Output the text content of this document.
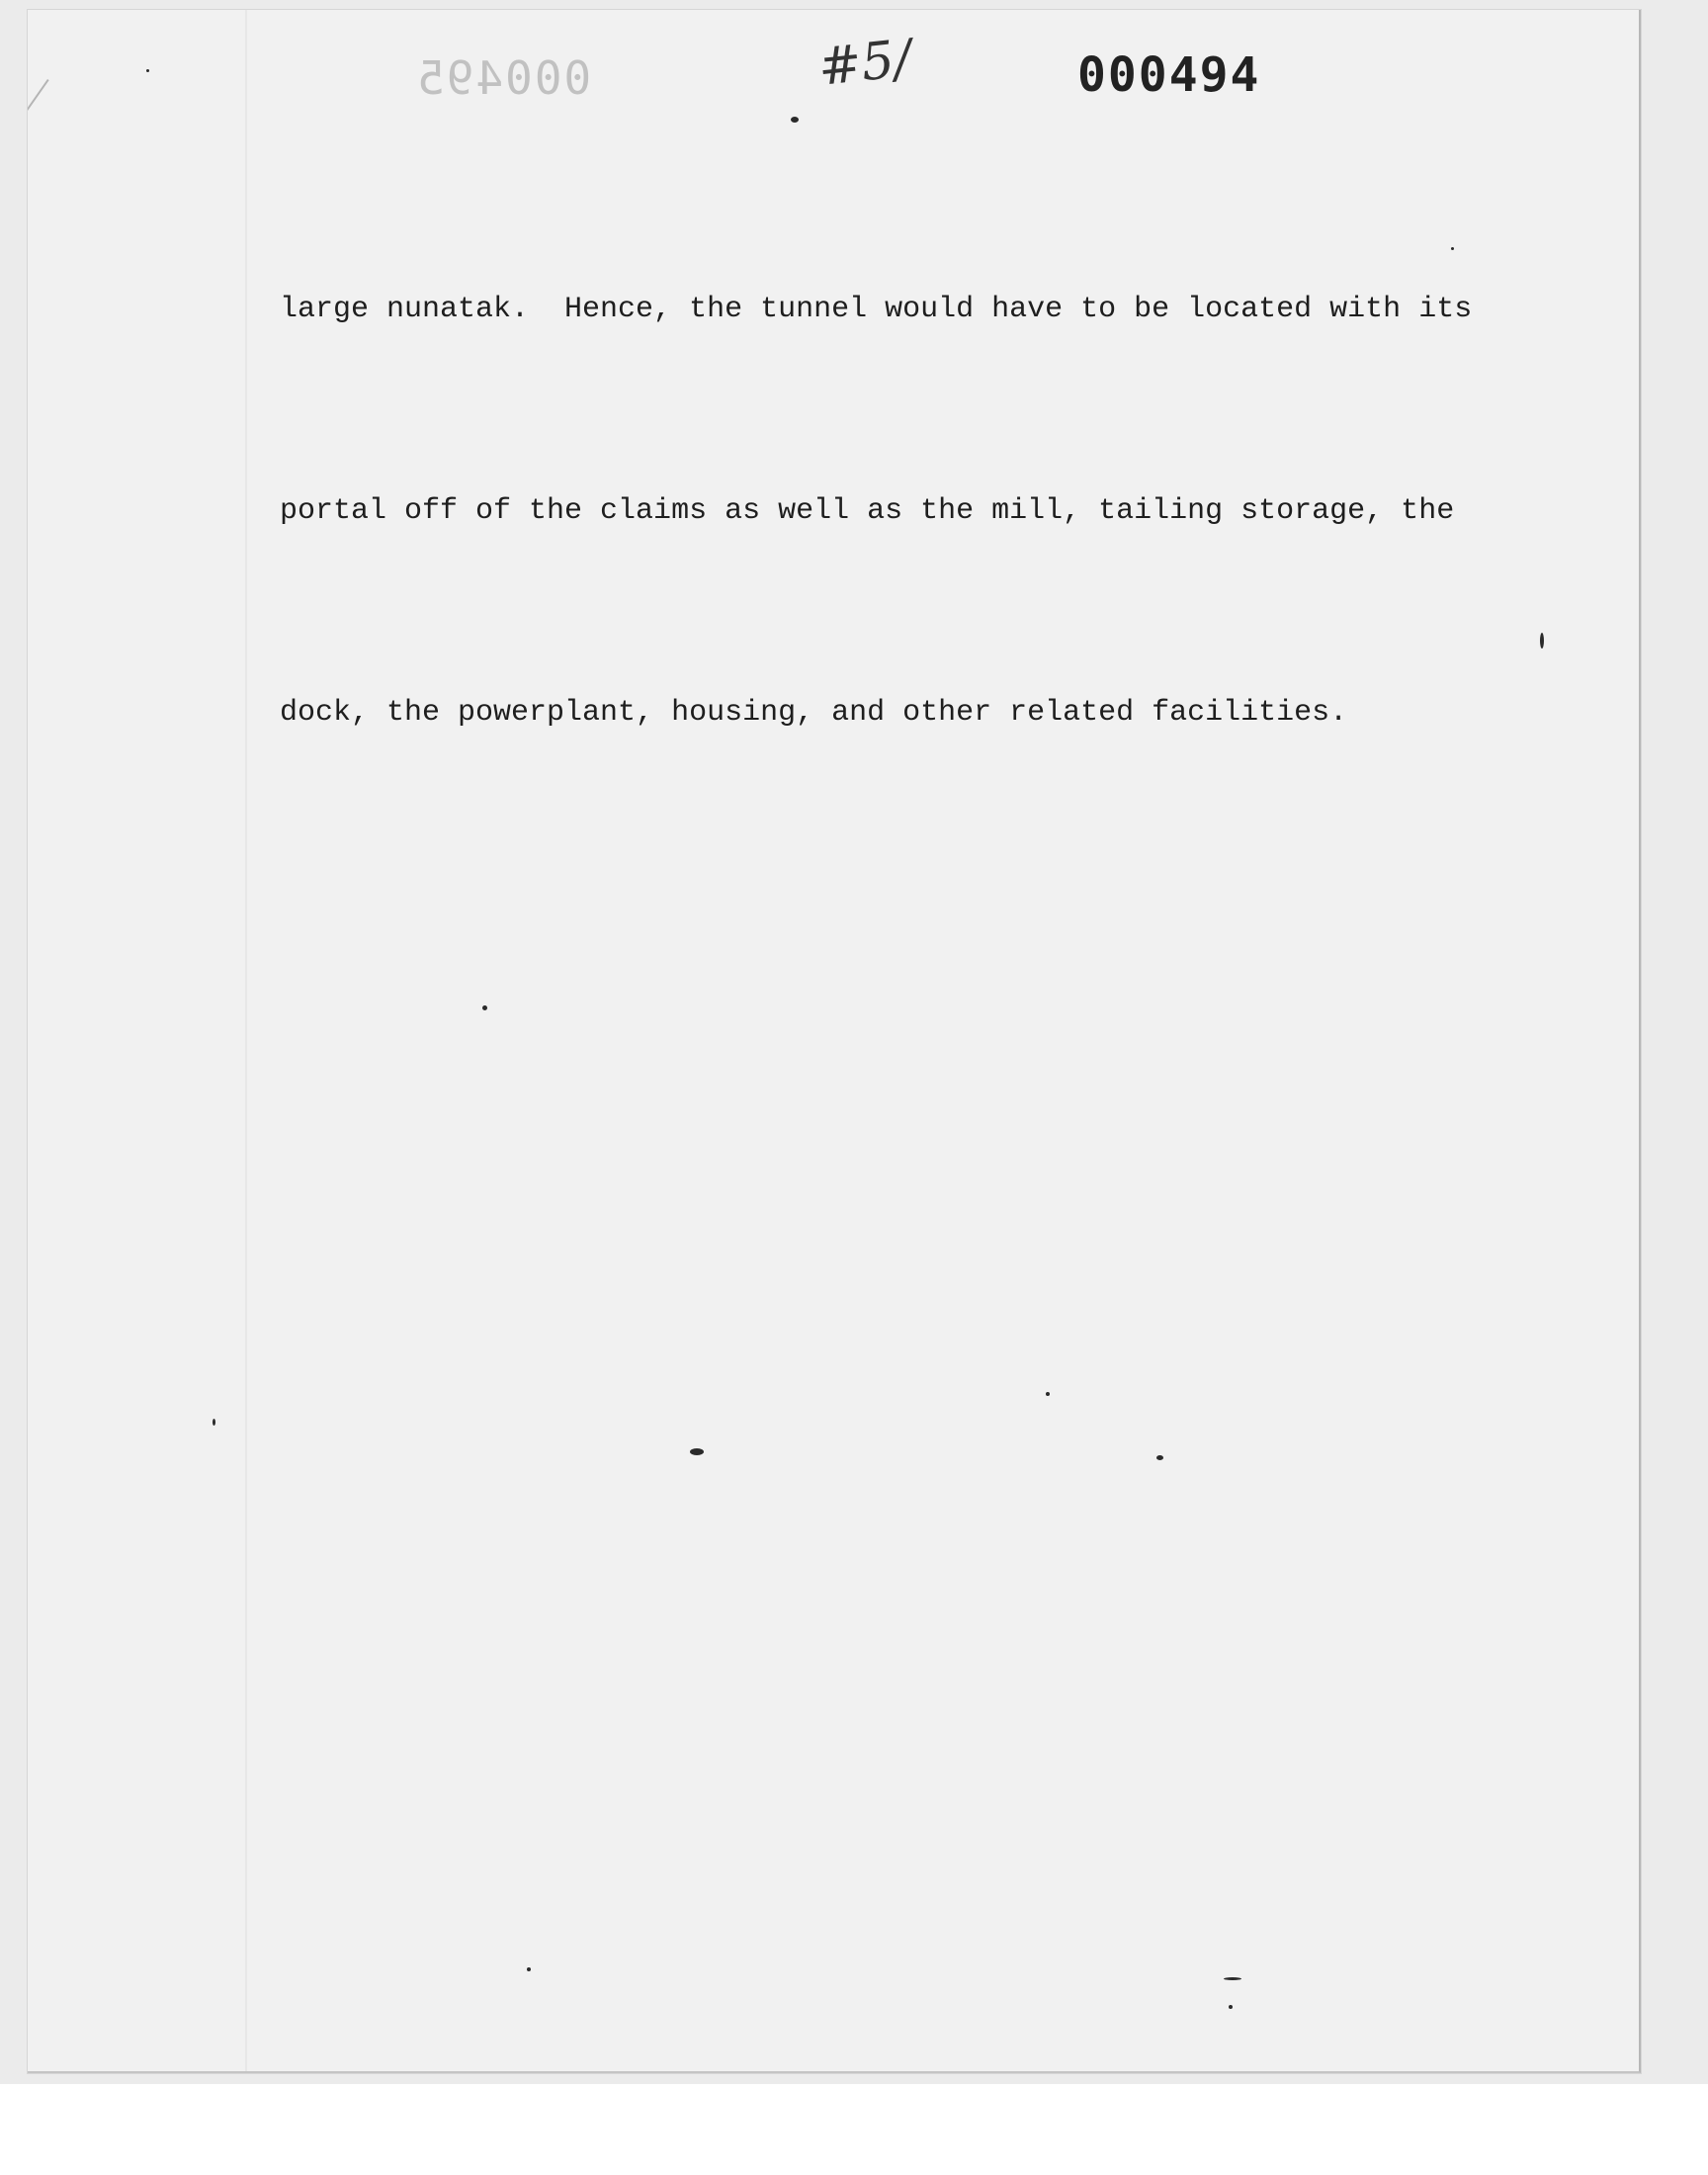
000495	#5/	000494

large nunatak.  Hence, the tunnel would have to be located with its

portal off of the claims as well as the mill, tailing storage, the

dock, the powerplant, housing, and other related facilities.
